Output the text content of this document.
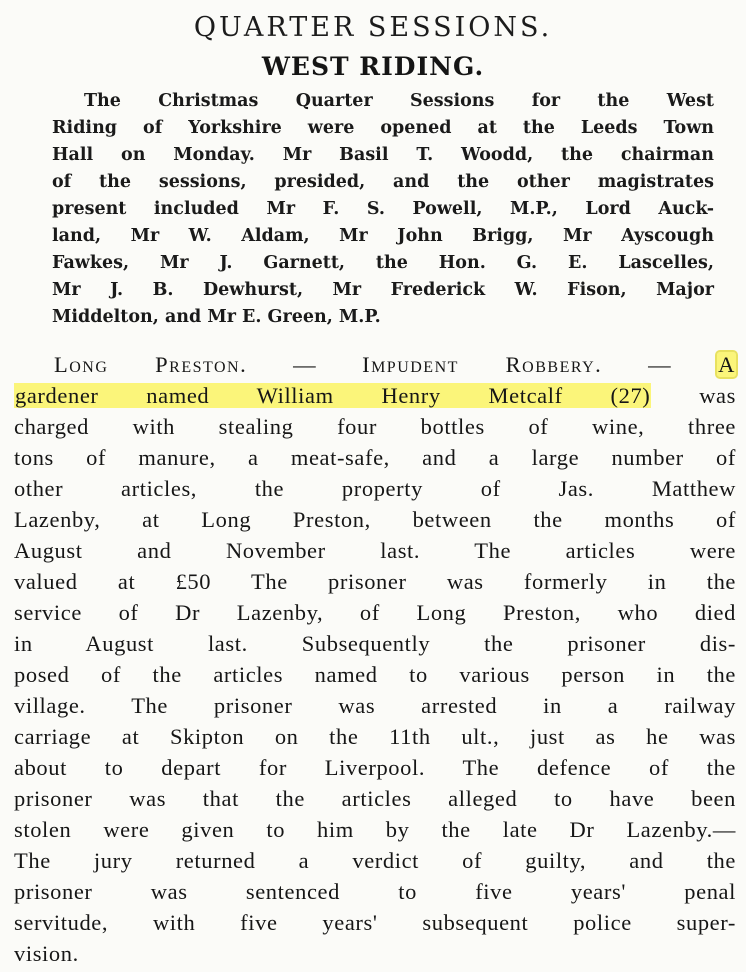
QUARTER SESSIONS.
WEST RIDING.
The Christmas Quarter Sessions for the West
Riding of Yorkshire were opened at the Leeds Town
Hall on Monday. Mr Basil T. Woodd, the chairman
of the sessions, presided, and the other magistrates
present included Mr F. S. Powell, M.P., Lord Auck-
land, Mr W. Aldam, Mr John Brigg, Mr Ayscough
Fawkes, Mr J. Garnett, the Hon. G. E. Lascelles,
Mr J. B. Dewhurst, Mr Frederick W. Fison, Major
Middelton, and Mr E. Green, M.P.
Long Preston. — Impudent Robbery. — A
gardener named William Henry Metcalf (27) was
charged with stealing four bottles of wine, three
tons of manure, a meat-safe, and a large number of
other articles, the property of Jas. Matthew
Lazenby, at Long Preston, between the months of
August and November last. The articles were
valued at £50 The prisoner was formerly in the
service of Dr Lazenby, of Long Preston, who died
in August last. Subsequently the prisoner dis-
posed of the articles named to various person in the
village. The prisoner was arrested in a railway
carriage at Skipton on the 11th ult., just as he was
about to depart for Liverpool. The defence of the
prisoner was that the articles alleged to have been
stolen were given to him by the late Dr Lazenby.—
The jury returned a verdict of guilty, and the
prisoner was sentenced to five years' penal
servitude, with five years' subsequent police super-
vision.
